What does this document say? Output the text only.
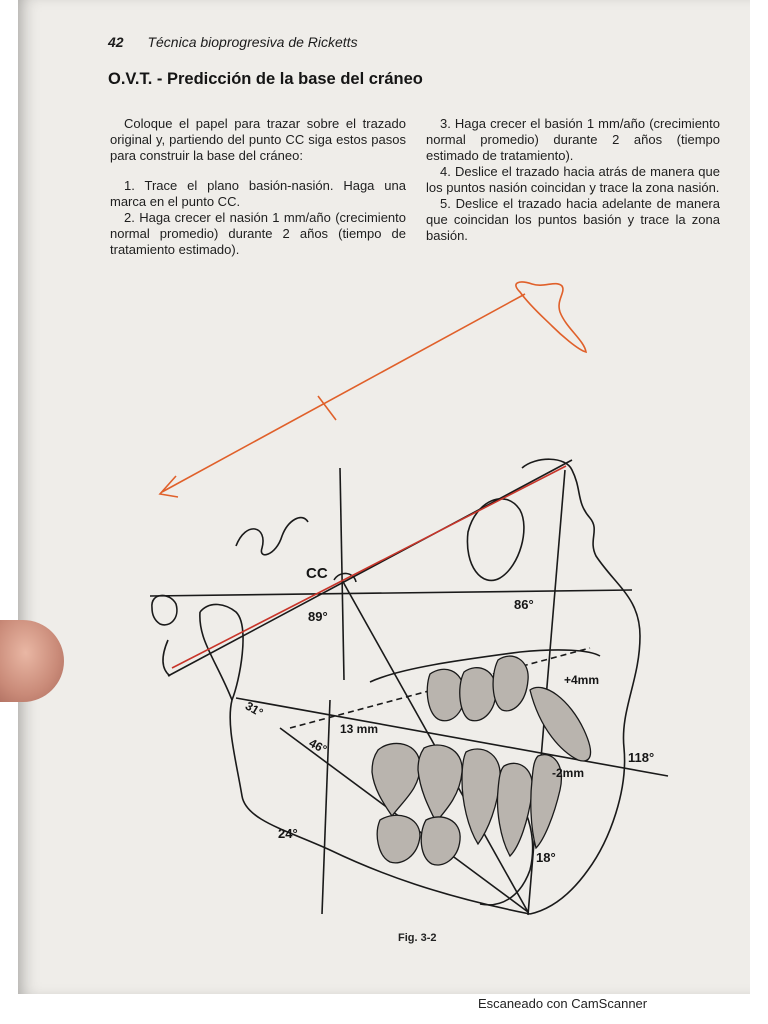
42 Técnica bioprogresiva de Ricketts
O.V.T. - Predicción de la base del cráneo

Coloque el papel para trazar sobre el trazado original y, partiendo del punto CC siga estos pasos para construir la base del cráneo:

1. Trace el plano basión-nasión. Haga una marca en el punto CC.

2. Haga crecer el nasión 1 mm/año (crecimiento normal promedio) durante 2 años (tiempo de tratamiento estimado).

3. Haga crecer el basión 1 mm/año (crecimiento normal promedio) durante 2 años (tiempo estimado de tratamiento).

4. Deslice el trazado hacia atrás de manera que los puntos nasión coincidan y trace la zona nasión.

5. Deslice el trazado hacia adelante de manera que coincidan los puntos basión y trace la zona basión.

CC
89°
86°
31°
13 mm
46°
+4mm
118°
-2mm
24°
18°
Fig. 3-2
Escaneado con CamScanner
